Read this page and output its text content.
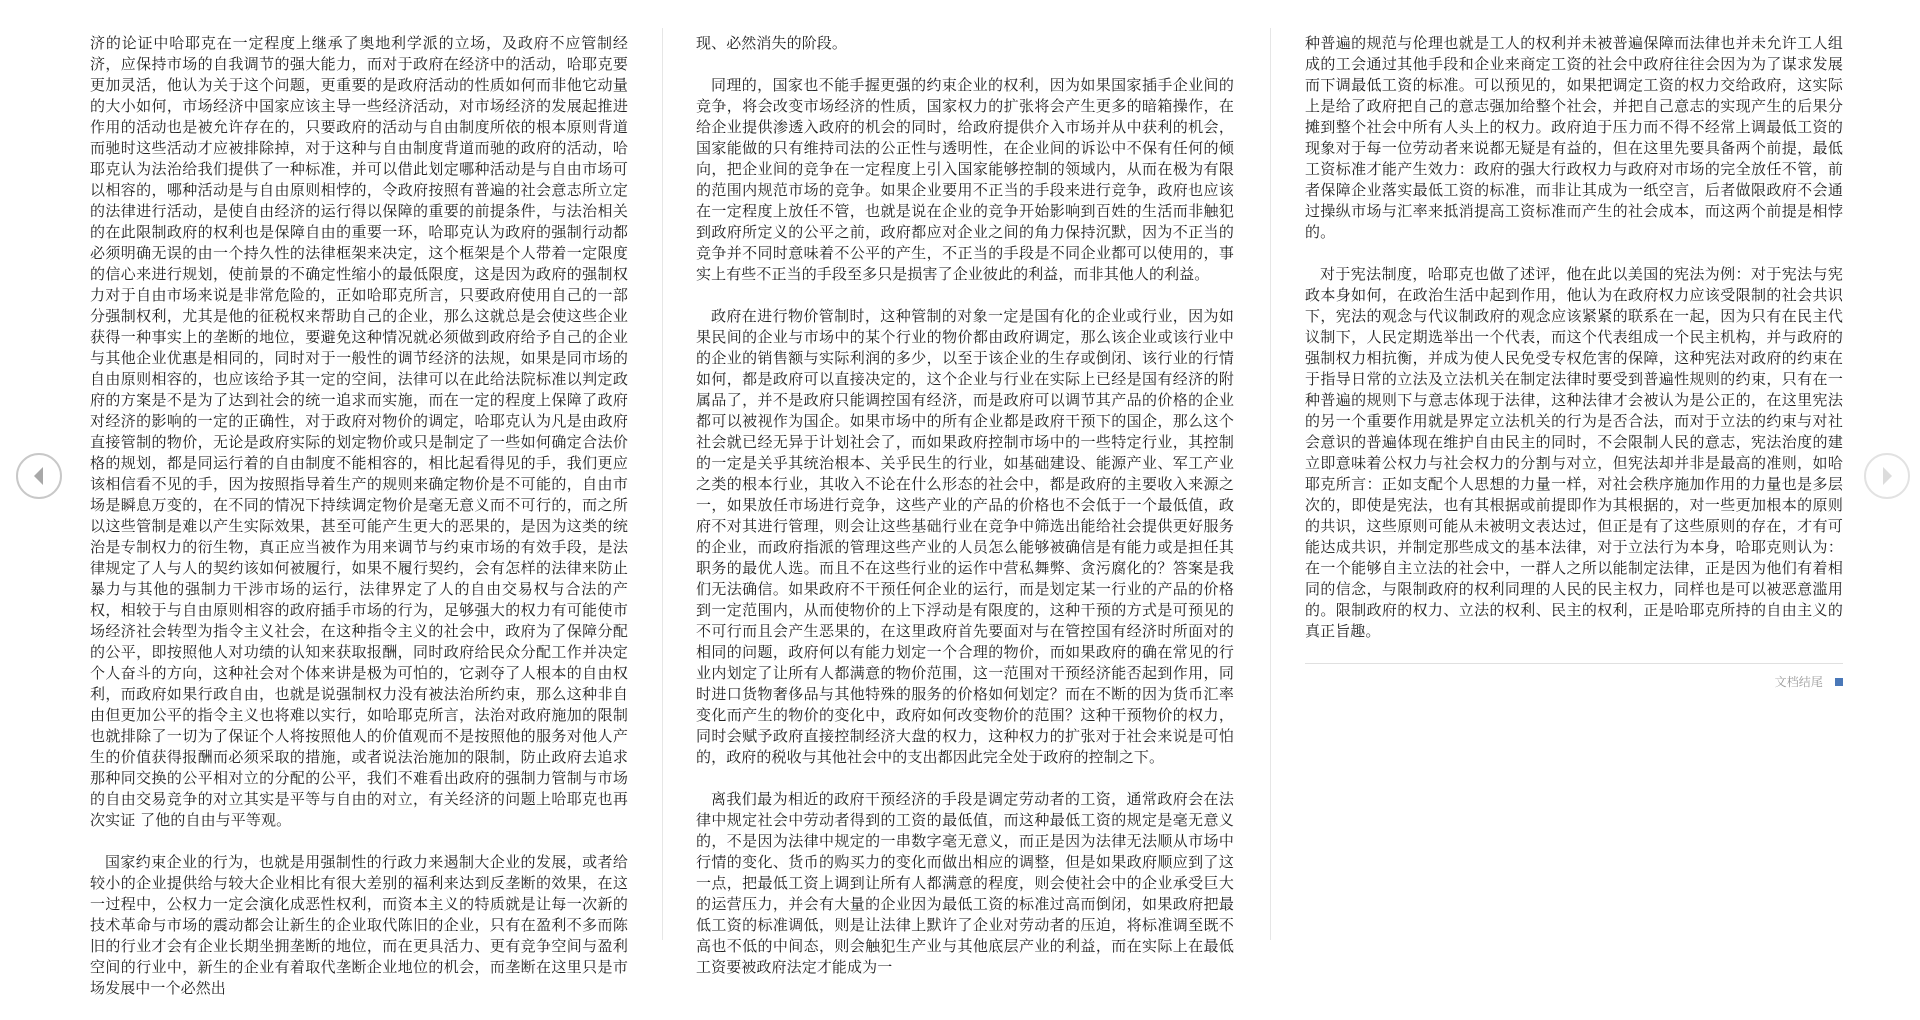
济的论证中哈耶克在一定程度上继承了奥地利学派的立场，及政府不应管制经济，应保持市场的自我调节的强大能力，而对于政府在经济中的活动，哈耶克要更加灵活，他认为关于这个问题，更重要的是政府活动的性质如何而非他它动量的大小如何，市场经济中国家应该主导一些经济活动，对市场经济的发展起推进作用的活动也是被允许存在的，只要政府的活动与自由制度所依的根本原则背道而驰时这些活动才应被排除掉，对于这种与自由制度背道而驰的政府的活动，哈耶克认为法治给我们提供了一种标准，并可以借此划定哪种活动是与自由市场可以相容的，哪种活动是与自由原则相悖的，令政府按照有普遍的社会意志所立定的法律进行活动，是使自由经济的运行得以保障的重要的前提条件，与法治相关的在此限制政府的权利也是保障自由的重要一环，哈耶克认为政府的强制行动都必须明确无误的由一个持久性的法律框架来决定，这个框架是个人带着一定限度的信心来进行规划，使前景的不确定性缩小的最低限度，这是因为政府的强制权力对于自由市场来说是非常危险的，正如哈耶克所言，只要政府使用自己的一部分强制权利，尤其是他的征税权来帮助自己的企业，那么这就总是会使这些企业获得一种事实上的垄断的地位，要避免这种情况就必须做到政府给予自己的企业与其他企业优惠是相同的，同时对于一般性的调节经济的法规，如果是同市场的自由原则相容的，也应该给予其一定的空间，法律可以在此给法院标准以判定政府的方案是不是为了达到社会的统一追求而实施，而在一定的程度上保障了政府对经济的影响的一定的正确性，对于政府对物价的调定，哈耶克认为凡是由政府直接管制的物价，无论是政府实际的划定物价或只是制定了一些如何确定合法价格的规划，都是同运行着的自由制度不能相容的，相比起看得见的手，我们更应该相信看不见的手，因为按照指导着生产的规则来确定物价是不可能的，自由市场是瞬息万变的，在不同的情况下持续调定物价是毫无意义而不可行的，而之所以这些管制是难以产生实际效果，甚至可能产生更大的恶果的，是因为这类的统治是专制权力的衍生物，真正应当被作为用来调节与约束市场的有效手段，是法律规定了人与人的契约该如何被履行，如果不履行契约，会有怎样的法律来防止暴力与其他的强制力干涉市场的运行，法律界定了人的自由交易权与合法的产权，相较于与自由原则相容的政府插手市场的行为，足够强大的权力有可能使市场经济社会转型为指令主义社会，在这种指令主义的社会中，政府为了保障分配的公平，即按照他人对功绩的认知来获取报酬，同时政府给民众分配工作并决定个人奋斗的方向，这种社会对个体来讲是极为可怕的，它剥夺了人根本的自由权利，而政府如果行政自由，也就是说强制权力没有被法治所约束，那么这种非自由但更加公平的指令主义也将难以实行，如哈耶克所言，法治对政府施加的限制也就排除了一切为了保证个人将按照他人的价值观而不是按照他的服务对他人产生的价值获得报酬而必须采取的措施，或者说法治施加的限制，防止政府去追求那种同交换的公平相对立的分配的公平，我们不难看出政府的强制力管制与市场的自由交易竞争的对立其实是平等与自由的对立，有关经济的问题上哈耶克也再次实证 了他的自由与平等观。

国家约束企业的行为，也就是用强制性的行政力来遏制大企业的发展，或者给较小的企业提供给与较大企业相比有很大差别的福利来达到反垄断的效果，在这一过程中，公权力一定会演化成恶性权利，而资本主义的特质就是让每一次新的技术革命与市场的震动都会让新生的企业取代陈旧的企业，只有在盈利不多而陈旧的行业才会有企业长期坐拥垄断的地位，而在更具活力、更有竞争空间与盈利空间的行业中，新生的企业有着取代垄断企业地位的机会，而垄断在这里只是市场发展中一个必然出

现、必然消失的阶段。

同理的，国家也不能手握更强的约束企业的权利，因为如果国家插手企业间的竞争，将会改变市场经济的性质，国家权力的扩张将会产生更多的暗箱操作，在给企业提供渗透入政府的机会的同时，给政府提供介入市场并从中获利的机会，国家能做的只有维持司法的公正性与透明性，在企业间的诉讼中不保有任何的倾向，把企业间的竞争在一定程度上引入国家能够控制的领域内，从而在极为有限的范围内规范市场的竞争。如果企业要用不正当的手段来进行竞争，政府也应该在一定程度上放任不管，也就是说在企业的竞争开始影响到百姓的生活而非触犯到政府所定义的公平之前，政府都应对企业之间的角力保持沉默，因为不正当的竞争并不同时意味着不公平的产生，不正当的手段是不同企业都可以使用的，事实上有些不正当的手段至多只是损害了企业彼此的利益，而非其他人的利益。

政府在进行物价管制时，这种管制的对象一定是国有化的企业或行业，因为如果民间的企业与市场中的某个行业的物价都由政府调定，那么该企业或该行业中的企业的销售额与实际利润的多少，以至于该企业的生存或倒闭、该行业的行情如何，都是政府可以直接决定的，这个企业与行业在实际上已经是国有经济的附属品了，并不是政府只能调控国有经济，而是政府可以调节其产品的价格的企业都可以被视作为国企。如果市场中的所有企业都是政府干预下的国企，那么这个社会就已经无异于计划社会了，而如果政府控制市场中的一些特定行业，其控制的一定是关乎其统治根本、关乎民生的行业，如基础建设、能源产业、军工产业之类的根本行业，其收入不论在什么形态的社会中，都是政府的主要收入来源之一，如果放任市场进行竞争，这些产业的产品的价格也不会低于一个最低值，政府不对其进行管理，则会让这些基础行业在竞争中筛选出能给社会提供更好服务的企业，而政府指派的管理这些产业的人员怎么能够被确信是有能力或是担任其职务的最优人选。而且不在这些行业的运作中营私舞弊、贪污腐化的？答案是我们无法确信。如果政府不干预任何企业的运行，而是划定某一行业的产品的价格到一定范围内，从而使物价的上下浮动是有限度的，这种干预的方式是可预见的不可行而且会产生恶果的，在这里政府首先要面对与在管控国有经济时所面对的相同的问题，政府何以有能力划定一个合理的物价，而如果政府的确在常见的行业内划定了让所有人都满意的物价范围，这一范围对干预经济能否起到作用，同时进口货物奢侈品与其他特殊的服务的价格如何划定？而在不断的因为货币汇率变化而产生的物价的变化中，政府如何改变物价的范围？这种干预物价的权力，同时会赋予政府直接控制经济大盘的权力，这种权力的扩张对于社会来说是可怕的，政府的税收与其他社会中的支出都因此完全处于政府的控制之下。

离我们最为相近的政府干预经济的手段是调定劳动者的工资，通常政府会在法律中规定社会中劳动者得到的工资的最低值，而这种最低工资的规定是毫无意义的，不是因为法律中规定的一串数字毫无意义，而正是因为法律无法顺从市场中行情的变化、货币的购买力的变化而做出相应的调整，但是如果政府顺应到了这一点，把最低工资上调到让所有人都满意的程度，则会使社会中的企业承受巨大的运营压力，并会有大量的企业因为最低工资的标准过高而倒闭，如果政府把最低工资的标准调低，则是让法律上默许了企业对劳动者的压迫，将标准调至既不高也不低的中间态，则会触犯生产业与其他底层产业的利益，而在实际上在最低工资要被政府法定才能成为一

种普遍的规范与伦理也就是工人的权利并未被普遍保障而法律也并未允许工人组成的工会通过其他手段和企业来商定工资的社会中政府往往会因为为了谋求发展而下调最低工资的标准。可以预见的，如果把调定工资的权力交给政府，这实际上是给了政府把自己的意志强加给整个社会，并把自己意志的实现产生的后果分摊到整个社会中所有人头上的权力。政府迫于压力而不得不经常上调最低工资的现象对于每一位劳动者来说都无疑是有益的，但在这里先要具备两个前提，最低工资标准才能产生效力：政府的强大行政权力与政府对市场的完全放任不管，前者保障企业落实最低工资的标准，而非让其成为一纸空言，后者做限政府不会通过操纵市场与汇率来抵消提高工资标准而产生的社会成本，而这两个前提是相悖的。

对于宪法制度，哈耶克也做了述评，他在此以美国的宪法为例：对于宪法与宪政本身如何，在政治生活中起到作用，他认为在政府权力应该受限制的社会共识下，宪法的观念与代议制政府的观念应该紧紧的联系在一起，因为只有在民主代议制下，人民定期选举出一个代表，而这个代表组成一个民主机构，并与政府的强制权力相抗衡，并成为使人民免受专权危害的保障，这种宪法对政府的约束在于指导日常的立法及立法机关在制定法律时要受到普遍性规则的约束，只有在一种普遍的规则下与意志体现于法律，这种法律才会被认为是公正的，在这里宪法的另一个重要作用就是界定立法机关的行为是否合法，而对于立法的约束与对社会意识的普遍体现在维护自由民主的同时，不会限制人民的意志，宪法治度的建立即意味着公权力与社会权力的分割与对立，但宪法却并非是最高的准则，如哈耶克所言：正如支配个人思想的力量一样，对社会秩序施加作用的力量也是多层次的，即使是宪法，也有其根据或前提即作为其根据的，对一些更加根本的原则的共识，这些原则可能从未被明文表达过，但正是有了这些原则的存在，才有可能达成共识，并制定那些成文的基本法律，对于立法行为本身，哈耶克则认为：在一个能够自主立法的社会中，一群人之所以能制定法律，正是因为他们有着相同的信念，与限制政府的权利同理的人民的民主权力，同样也是可以被恶意滥用的。限制政府的权力、立法的权利、民主的权利，正是哈耶克所持的自由主义的真正旨趣。

文档结尾
